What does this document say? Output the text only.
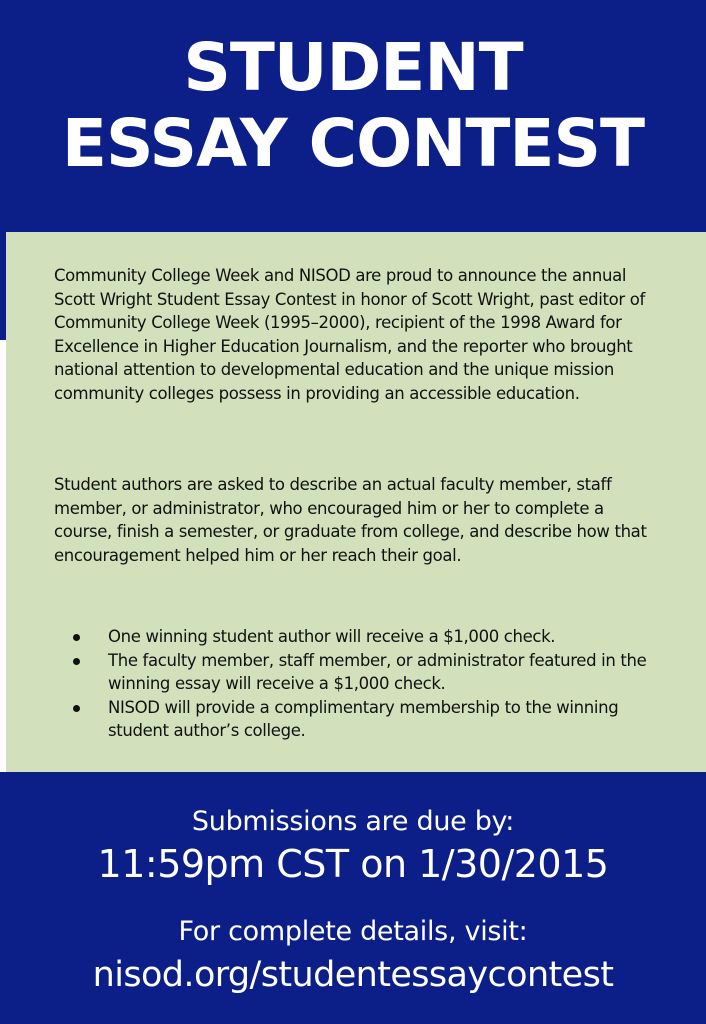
STUDENT
ESSAY CONTEST

Community College Week and NISOD are proud to announce the annual Scott Wright Student Essay Contest in honor of Scott Wright, past editor of Community College Week (1995–2000), recipient of the 1998 Award for Excellence in Higher Education Journalism, and the reporter who brought national attention to developmental education and the unique mission community colleges possess in providing an accessible education.

Student authors are asked to describe an actual faculty member, staff member, or administrator, who encouraged him or her to complete a course, finish a semester, or graduate from college, and describe how that encouragement helped him or her reach their goal.

One winning student author will receive a $1,000 check.
The faculty member, staff member, or administrator featured in the winning essay will receive a $1,000 check.
NISOD will provide a complimentary membership to the winning student author’s college.

Submissions are due by:

11:59pm CST on 1/30/2015

For complete details, visit:

nisod.org/studentessaycontest
